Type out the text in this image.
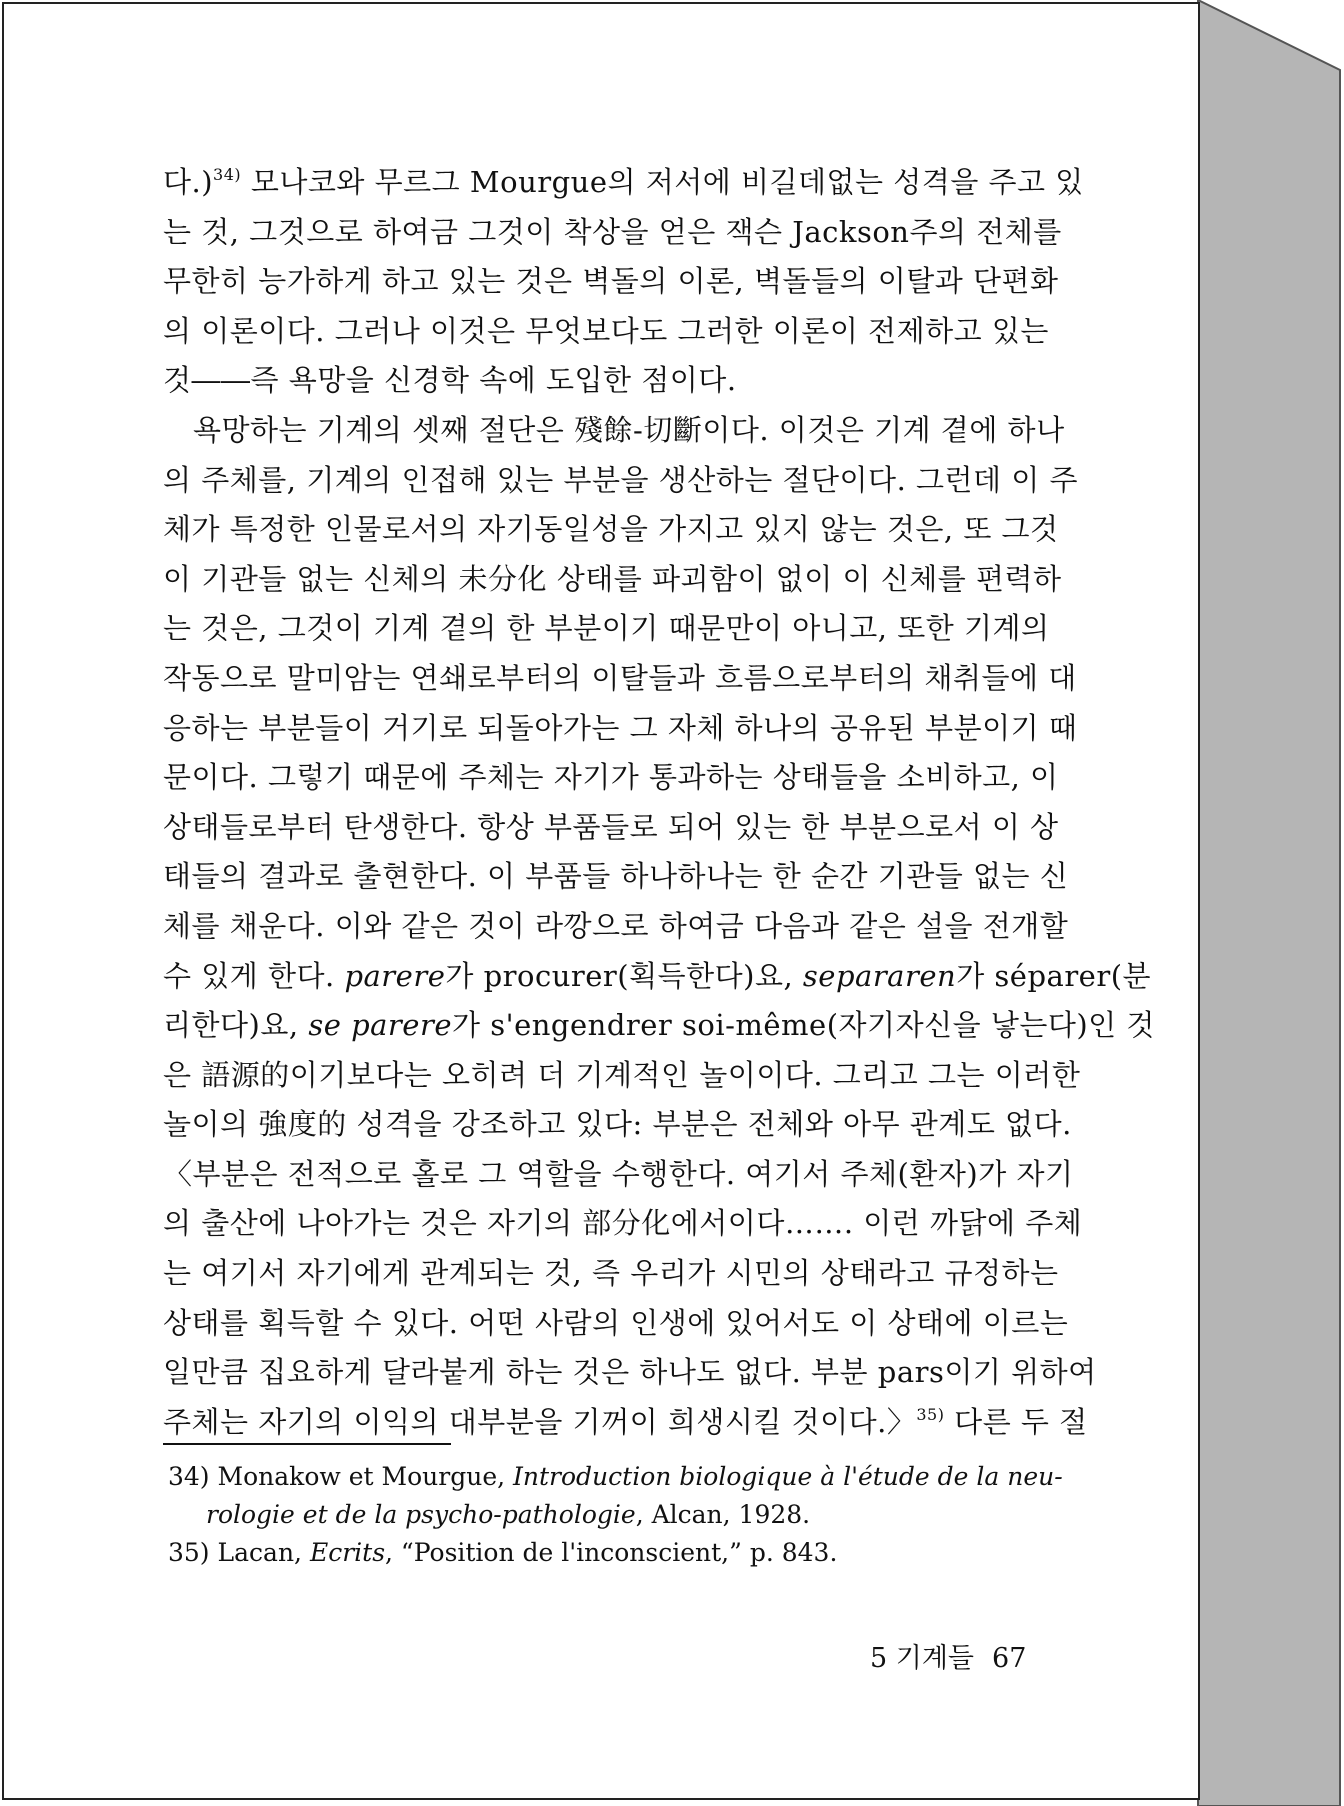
다.)$^{34)}$ 모나코와 무르그 Mourgue의 저서에 비길데없는 성격을 주고 있
는 것, 그것으로 하여금 그것이 착상을 얻은 잭슨 Jackson주의 전체를
무한히 능가하게 하고 있는 것은 벽돌의 이론, 벽돌들의 이탈과 단편화
의 이론이다. 그러나 이것은 무엇보다도 그러한 이론이 전제하고 있는
것――즉 욕망을 신경학 속에 도입한 점이다.
욕망하는 기계의 셋째 절단은 殘餘-切斷이다. 이것은 기계 곁에 하나
의 주체를, 기계의 인접해 있는 부분을 생산하는 절단이다. 그런데 이 주
체가 특정한 인물로서의 자기동일성을 가지고 있지 않는 것은, 또 그것
이 기관들 없는 신체의 未分化 상태를 파괴함이 없이 이 신체를 편력하
는 것은, 그것이 기계 곁의 한 부분이기 때문만이 아니고, 또한 기계의
작동으로 말미암는 연쇄로부터의 이탈들과 흐름으로부터의 채취들에 대
응하는 부분들이 거기로 되돌아가는 그 자체 하나의 공유된 부분이기 때
문이다. 그렇기 때문에 주체는 자기가 통과하는 상태들을 소비하고, 이
상태들로부터 탄생한다. 항상 부품들로 되어 있는 한 부분으로서 이 상
태들의 결과로 출현한다. 이 부품들 하나하나는 한 순간 기관들 없는 신
체를 채운다. 이와 같은 것이 라깡으로 하여금 다음과 같은 설을 전개할
수 있게 한다. parere가 procurer(획득한다)요, separaren가 séparer(분
리한다)요, se parere가 s'engendrer soi-même(자기자신을 낳는다)인 것
은 語源的이기보다는 오히려 더 기계적인 놀이이다. 그리고 그는 이러한
놀이의 強度的 성격을 강조하고 있다: 부분은 전체와 아무 관계도 없다.
〈부분은 전적으로 홀로 그 역할을 수행한다. 여기서 주체(환자)가 자기
의 출산에 나아가는 것은 자기의 部分化에서이다……. 이런 까닭에 주체
는 여기서 자기에게 관계되는 것, 즉 우리가 시민의 상태라고 규정하는
상태를 획득할 수 있다. 어떤 사람의 인생에 있어서도 이 상태에 이르는
일만큼 집요하게 달라붙게 하는 것은 하나도 없다. 부분 pars이기 위하여
주체는 자기의 이익의 대부분을 기꺼이 희생시킬 것이다.〉$^{35)}$ 다른 두 절
34) Monakow et Mourgue, Introduction biologique à l'étude de la neu-
rologie et de la psycho-pathologie, Alcan, 1928.
35) Lacan, Ecrits, “Position de l'inconscient,” p. 843.
5 기계들 67
